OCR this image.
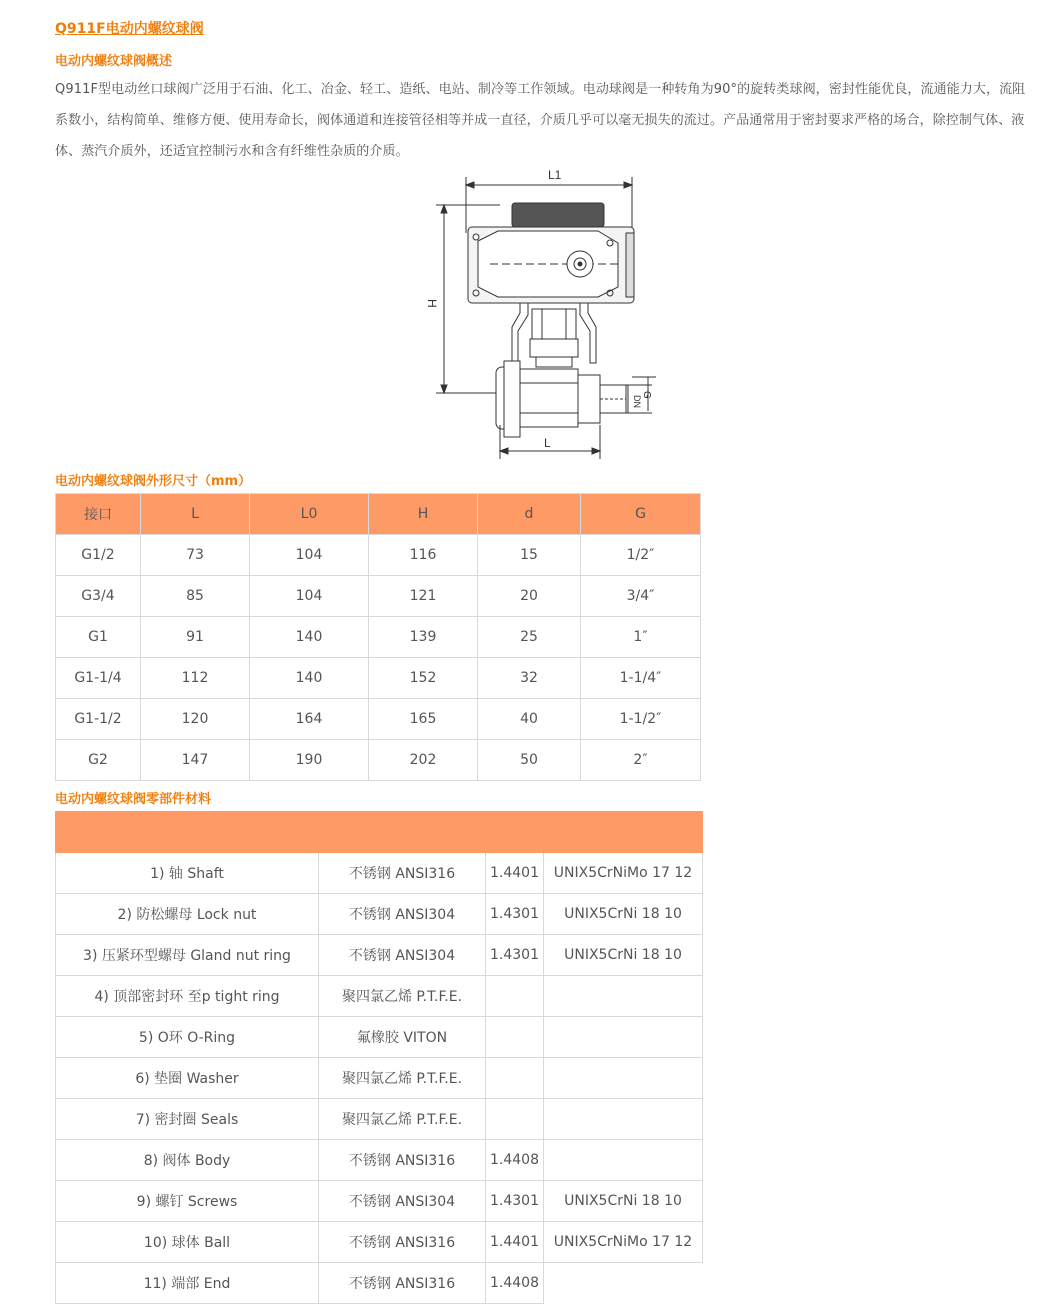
Q911F电动内螺纹球阀
电动内螺纹球阀概述
Q911F型电动丝口球阀广泛用于石油、化工、冶金、轻工、造纸、电站、制冷等工作领域。电动球阀是一种转角为90°的旋转类球阀，密封性能优良，流通能力大，流阻系数小，结构简单、维修方便、使用寿命长，阀体通道和连接管径相等并成一直径，介质几乎可以毫无损失的流过。产品通常用于密封要求严格的场合，除控制气体、液体、蒸汽介质外，还适宜控制污水和含有纤维性杂质的介质。
L1
H
L
DN
G
电动内螺纹球阀外形尺寸（mm）
接口	L	L0	H	d	G
G1/2	73	104	116	15	1/2″
G3/4	85	104	121	20	3/4″
G1	91	140	139	25	1″
G1-1/4	112	140	152	32	1-1/4″
G1-1/2	120	164	165	40	1-1/2″
G2	147	190	202	50	2″
电动内螺纹球阀零部件材料

1) 轴 Shaft	不锈钢 ANSI316	1.4401	UNIX5CrNiMo 17 12
2) 防松螺母 Lock nut	不锈钢 ANSI304	1.4301	UNIX5CrNi 18 10
3) 压紧环型螺母 Gland nut ring	不锈钢 ANSI304	1.4301	UNIX5CrNi 18 10
4) 顶部密封环 至p tight ring	聚四氯乙烯 P.T.F.E.		
5) O环 O-Ring	氟橡胶 VITON		
6) 垫圈 Washer	聚四氯乙烯 P.T.F.E.		
7) 密封圈 Seals	聚四氯乙烯 P.T.F.E.		
8) 阀体 Body	不锈钢 ANSI316	1.4408	
9) 螺钉 Screws	不锈钢 ANSI304	1.4301	UNIX5CrNi 18 10
10) 球体 Ball	不锈钢 ANSI316	1.4401	UNIX5CrNiMo 17 12
11) 端部 End	不锈钢 ANSI316	1.4408	
